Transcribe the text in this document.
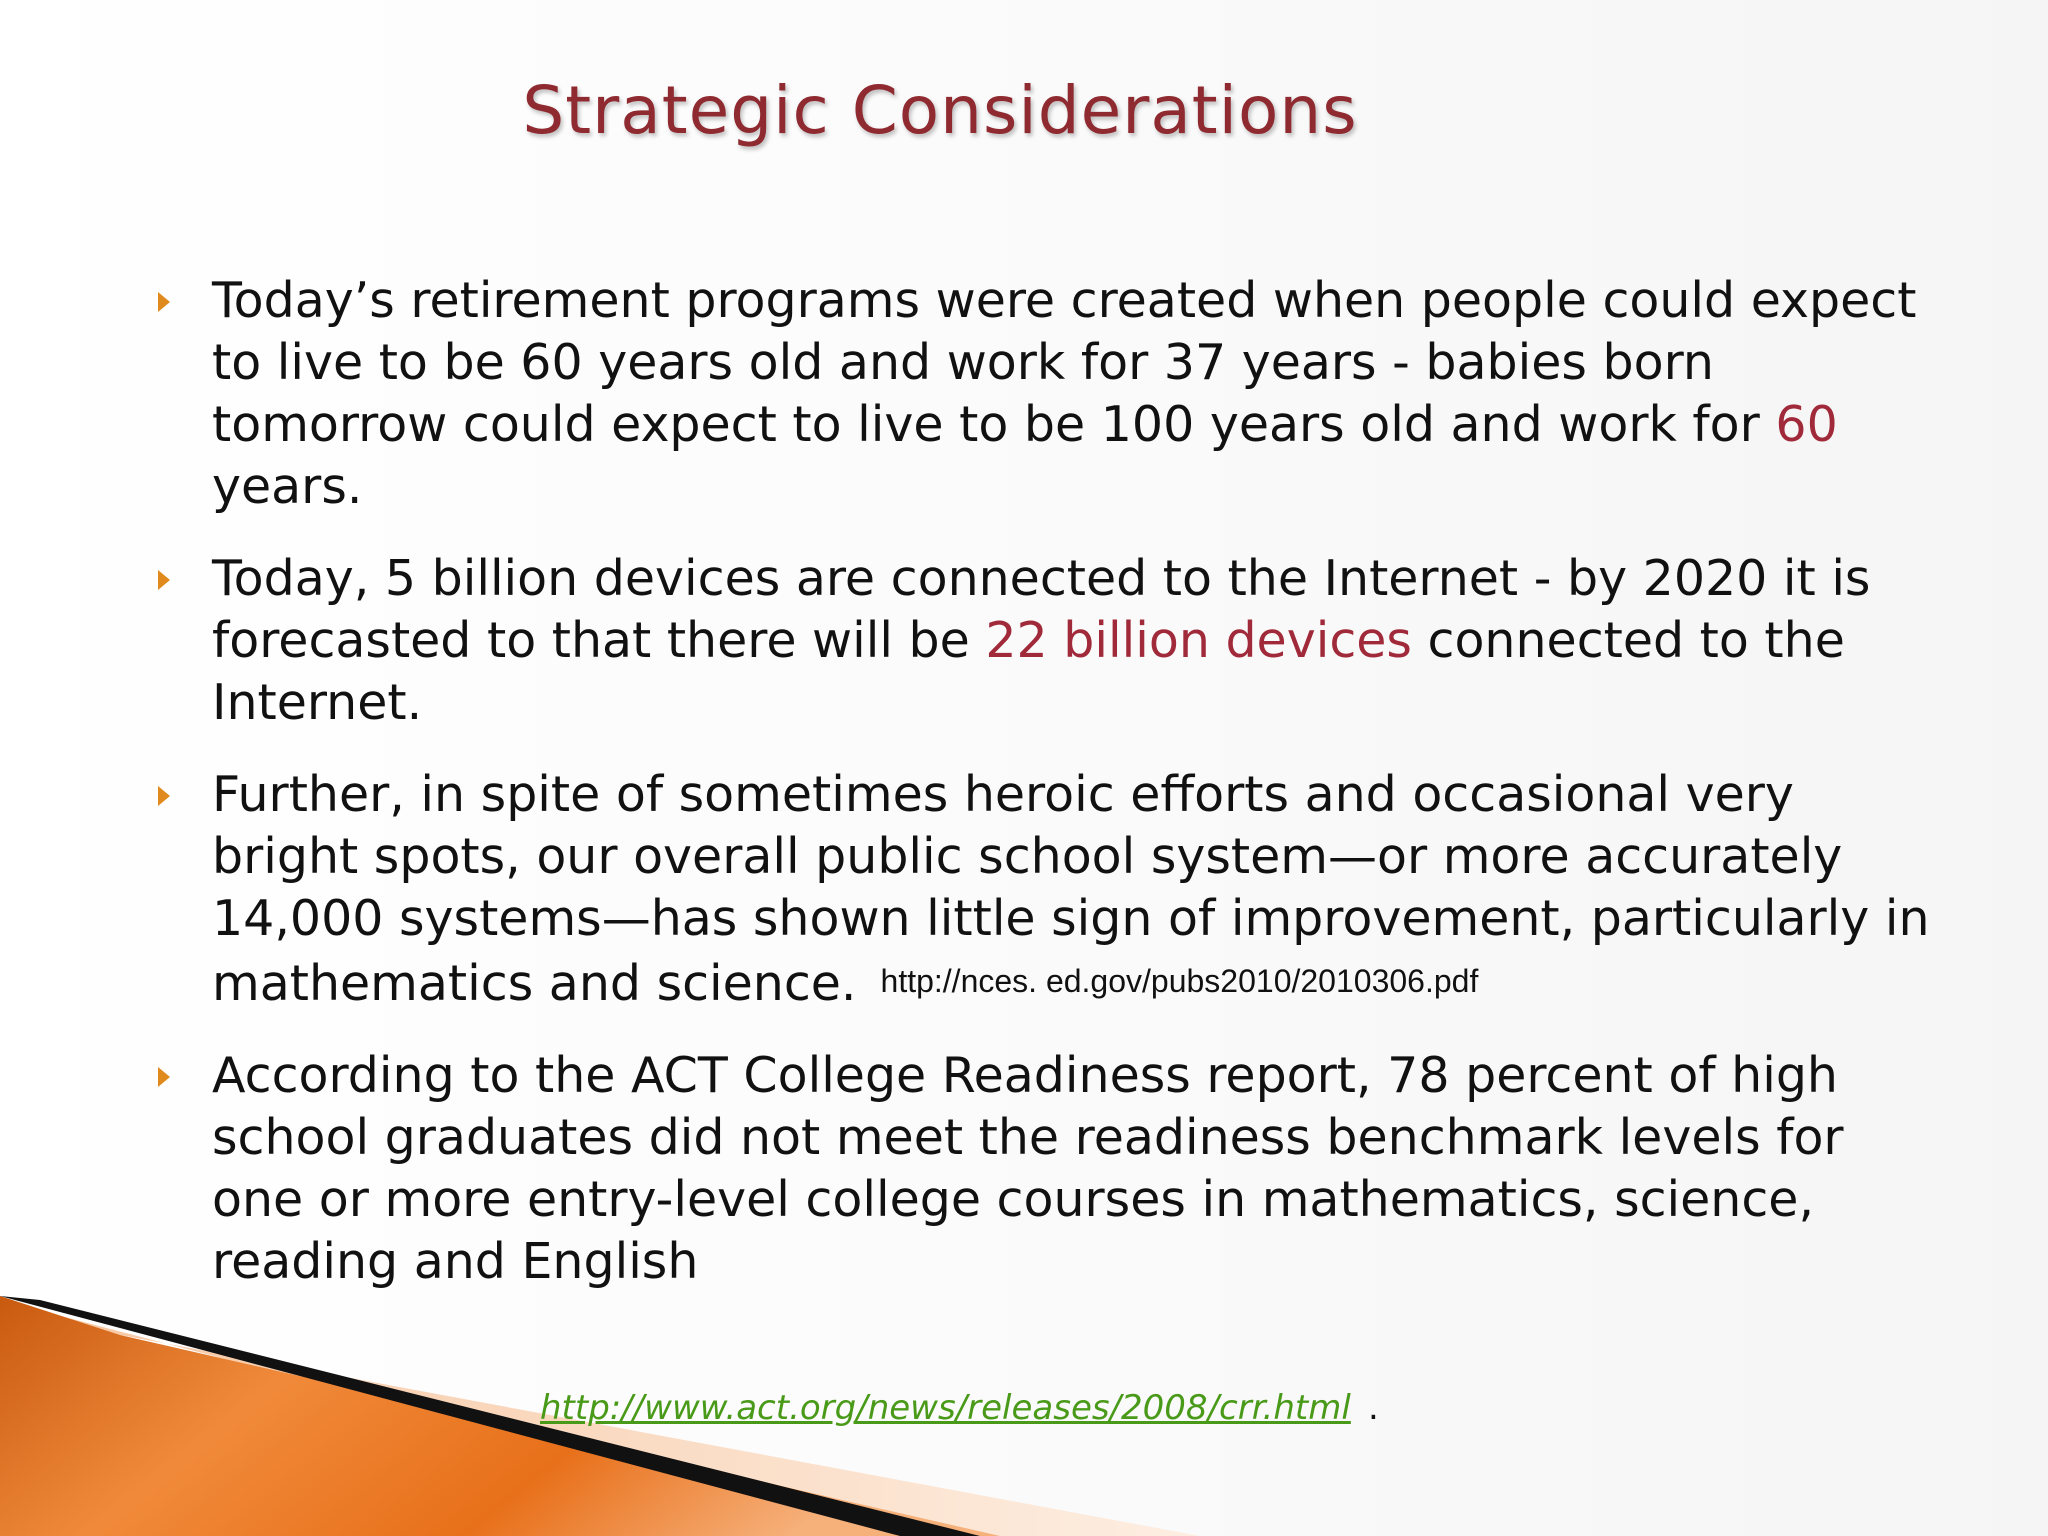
Strategic Considerations
Today’s retirement programs were created when people could expect to live to be 60 years old and work for 37 years - babies born tomorrow could expect to live to be 100 years old and work for 60 years.
Today, 5 billion devices are connected to the Internet - by 2020 it is forecasted to that there will be 22 billion devices connected to the Internet.
Further, in spite of sometimes heroic efforts and occasional very bright spots, our overall public school system—or more accurately 14,000 systems—has shown little sign of improvement, particularly in mathematics and science. http://nces. ed.gov/pubs2010/2010306.pdf
According to the ACT College Readiness report, 78 percent of high school graduates did not meet the readiness benchmark levels for one or more entry-level college courses in mathematics, science, reading and English
http://www.act.org/news/releases/2008/crr.html .
